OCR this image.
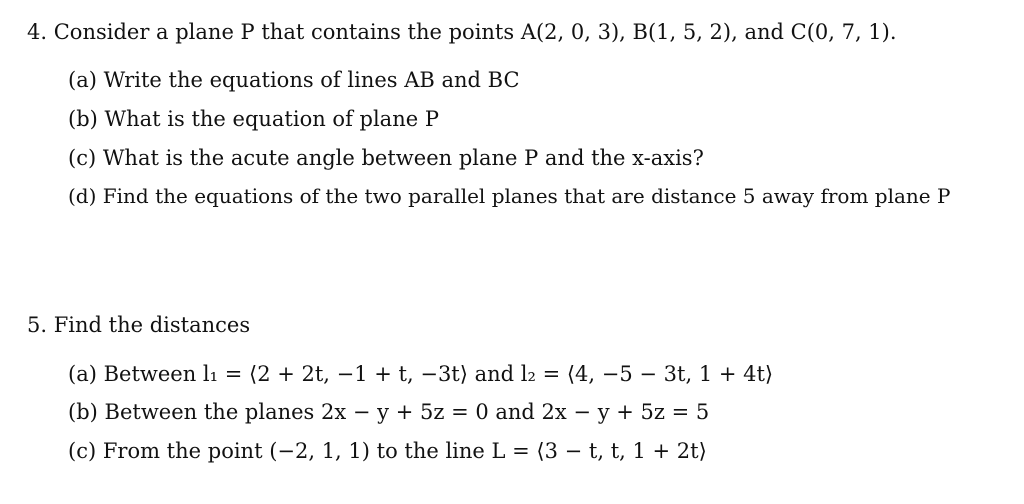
4. Consider a plane P that contains the points A(2, 0, 3), B(1, 5, 2), and C(0, 7, 1).
(a) Write the equations of lines AB and BC
(b) What is the equation of plane P
(c) What is the acute angle between plane P and the x-axis?
(d) Find the equations of the two parallel planes that are distance 5 away from plane P
5. Find the distances
(a) Between l₁ = ⟨2 + 2t, −1 + t, −3t⟩ and l₂ = ⟨4, −5 − 3t, 1 + 4t⟩
(b) Between the planes 2x − y + 5z = 0 and 2x − y + 5z = 5
(c) From the point (−2, 1, 1) to the line L = ⟨3 − t, t, 1 + 2t⟩
